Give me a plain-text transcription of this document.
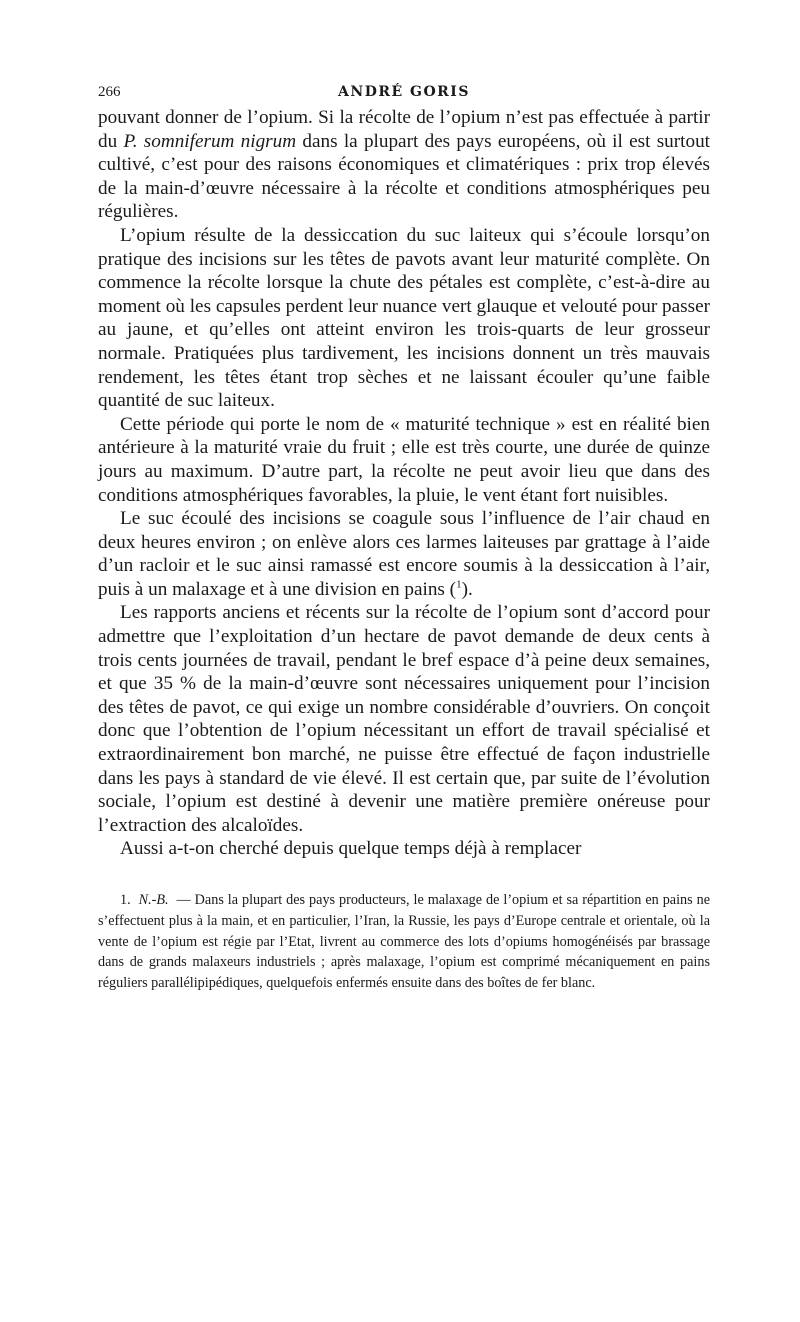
266	ANDRÉ GORIS

pouvant donner de l’opium. Si la récolte de l’opium n’est pas effectuée à partir du P. somniferum nigrum dans la plupart des pays européens, où il est surtout cultivé, c’est pour des raisons économiques et climatériques : prix trop élevés de la main-d’œuvre nécessaire à la récolte et conditions atmosphériques peu régulières.

L’opium résulte de la dessiccation du suc laiteux qui s’écoule lorsqu’on pratique des incisions sur les têtes de pavots avant leur maturité complète. On commence la récolte lorsque la chute des pétales est complète, c’est-à-dire au moment où les capsules perdent leur nuance vert glauque et velouté pour passer au jaune, et qu’elles ont atteint environ les trois-quarts de leur grosseur normale. Pratiquées plus tardivement, les incisions donnent un très mauvais rendement, les têtes étant trop sèches et ne laissant écouler qu’une faible quantité de suc laiteux.

Cette période qui porte le nom de « maturité technique » est en réalité bien antérieure à la maturité vraie du fruit ; elle est très courte, une durée de quinze jours au maximum. D’autre part, la récolte ne peut avoir lieu que dans des conditions atmosphériques favorables, la pluie, le vent étant fort nuisibles.

Le suc écoulé des incisions se coagule sous l’influence de l’air chaud en deux heures environ ; on enlève alors ces larmes laiteuses par grattage à l’aide d’un racloir et le suc ainsi ramassé est encore soumis à la dessiccation à l’air, puis à un malaxage et à une division en pains ($^1$).

Les rapports anciens et récents sur la récolte de l’opium sont d’accord pour admettre que l’exploitation d’un hectare de pavot demande de deux cents à trois cents journées de travail, pendant le bref espace d’à peine deux semaines, et que 35 % de la main-d’œuvre sont nécessaires uniquement pour l’incision des têtes de pavot, ce qui exige un nombre considérable d’ouvriers. On conçoit donc que l’obtention de l’opium nécessitant un effort de travail spécialisé et extraordinairement bon marché, ne puisse être effectué de façon industrielle dans les pays à standard de vie élevé. Il est certain que, par suite de l’évolution sociale, l’opium est destiné à devenir une matière première onéreuse pour l’extraction des alcaloïdes.

Aussi a-t-on cherché depuis quelque temps déjà à remplacer

1. N.-B. — Dans la plupart des pays producteurs, le malaxage de l’opium et sa répartition en pains ne s’effectuent plus à la main, et en particulier, l’Iran, la Russie, les pays d’Europe centrale et orientale, où la vente de l’opium est régie par l’Etat, livrent au commerce des lots d’opiums homogénéisés par brassage dans de grands malaxeurs industriels ; après malaxage, l’opium est comprimé mécaniquement en pains réguliers parallélipipédiques, quelquefois enfermés ensuite dans des boîtes de fer blanc.
